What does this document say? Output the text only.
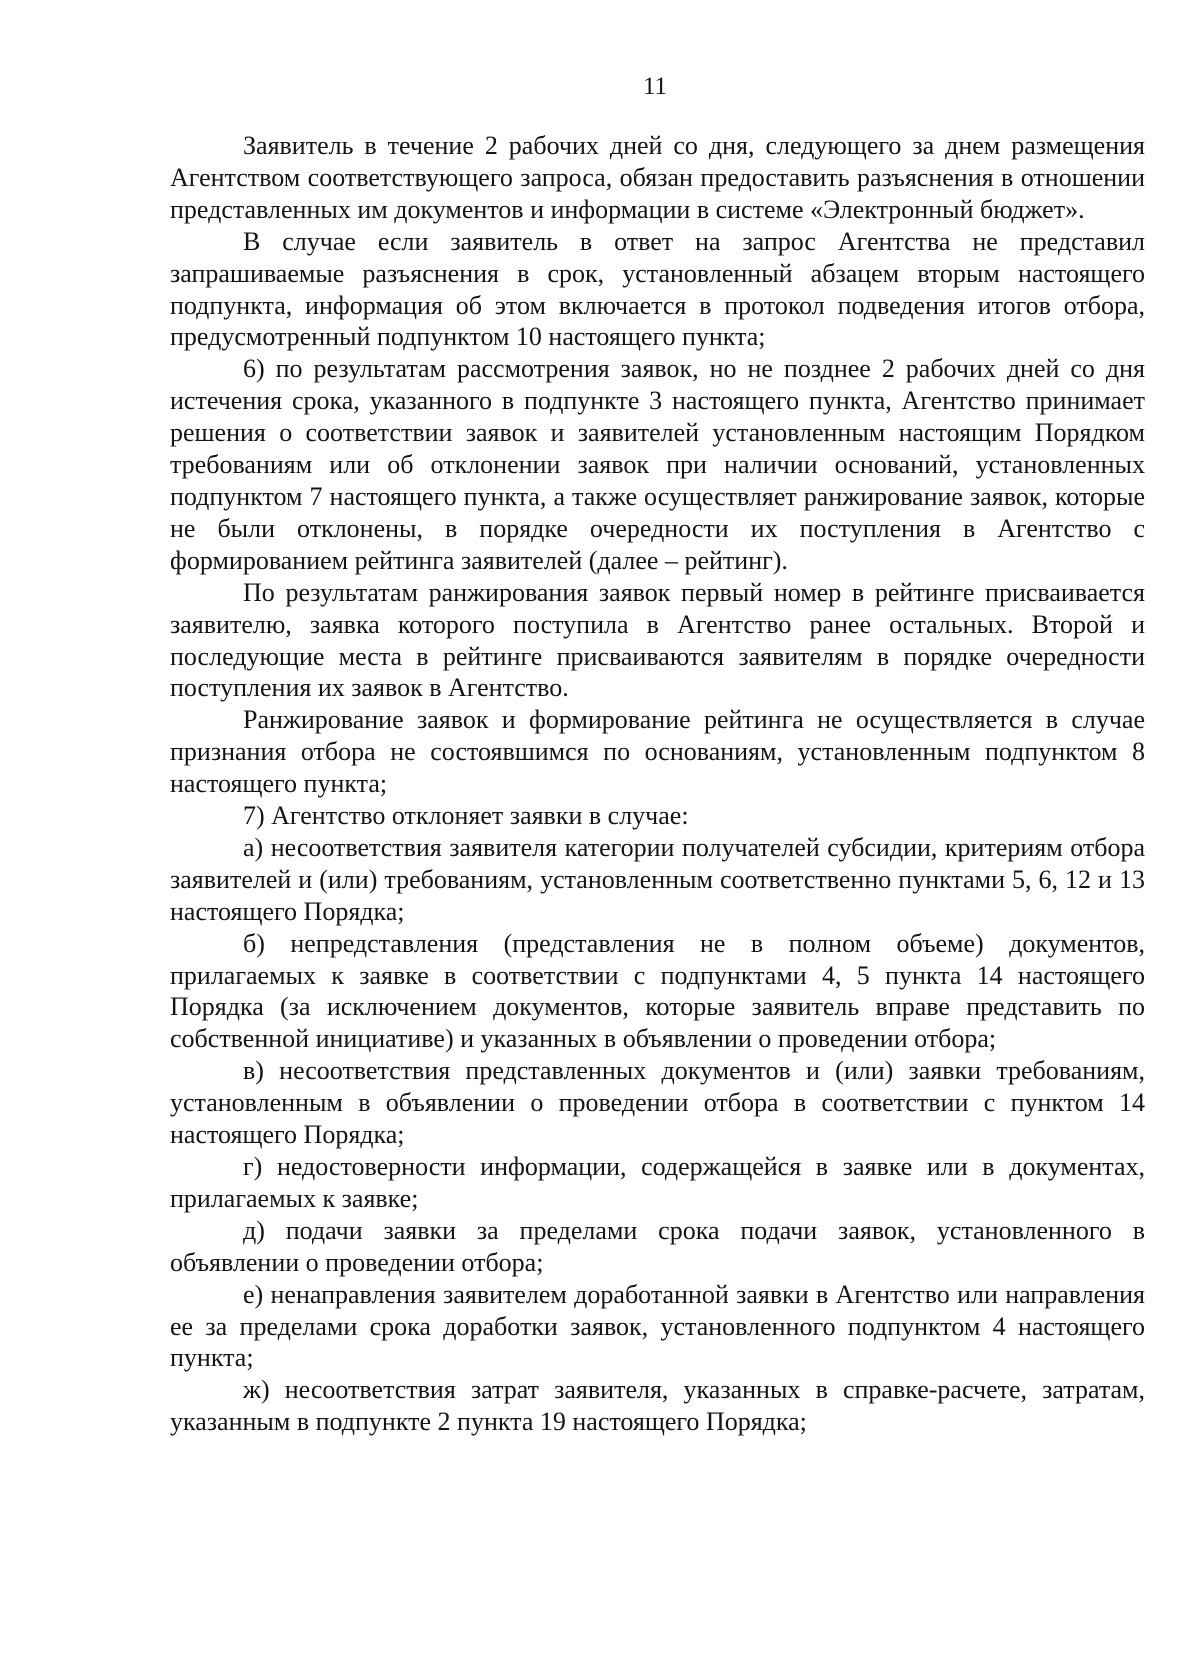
11

Заявитель в течение 2 рабочих дней со дня, следующего за днем размещения Агентством соответствующего запроса, обязан предоставить разъяснения в отношении представленных им документов и информации в системе «Электронный бюджет».

В случае если заявитель в ответ на запрос Агентства не представил запрашиваемые разъяснения в срок, установленный абзацем вторым настоящего подпункта, информация об этом включается в протокол подведения итогов отбора, предусмотренный подпунктом 10 настоящего пункта;

6) по результатам рассмотрения заявок, но не позднее 2 рабочих дней со дня истечения срока, указанного в подпункте 3 настоящего пункта, Агентство принимает решения о соответствии заявок и заявителей установленным настоящим Порядком требованиям или об отклонении заявок при наличии оснований, установленных подпунктом 7 настоящего пункта, а также осуществляет ранжирование заявок, которые не были отклонены, в порядке очередности их поступления в Агентство с формированием рейтинга заявителей (далее – рейтинг).

По результатам ранжирования заявок первый номер в рейтинге присваивается заявителю, заявка которого поступила в Агентство ранее остальных. Второй и последующие места в рейтинге присваиваются заявителям в порядке очередности поступления их заявок в Агентство.

Ранжирование заявок и формирование рейтинга не осуществляется в случае признания отбора не состоявшимся по основаниям, установленным подпунктом 8 настоящего пункта;

7) Агентство отклоняет заявки в случае:

а) несоответствия заявителя категории получателей субсидии, критериям отбора заявителей и (или) требованиям, установленным соответственно пунктами 5, 6, 12 и 13 настоящего Порядка;

б) непредставления (представления не в полном объеме) документов, прилагаемых к заявке в соответствии с подпунктами 4, 5 пункта 14 настоящего Порядка (за исключением документов, которые заявитель вправе представить по собственной инициативе) и указанных в объявлении о проведении отбора;

в) несоответствия представленных документов и (или) заявки требованиям, установленным в объявлении о проведении отбора в соответствии с пунктом 14 настоящего Порядка;

г) недостоверности информации, содержащейся в заявке или в документах, прилагаемых к заявке;

д) подачи заявки за пределами срока подачи заявок, установленного в объявлении о проведении отбора;

е) ненаправления заявителем доработанной заявки в Агентство или направления ее за пределами срока доработки заявок, установленного подпунктом 4 настоящего пункта;

ж) несоответствия затрат заявителя, указанных в справке-расчете, затратам, указанным в подпункте 2 пункта 19 настоящего Порядка;
